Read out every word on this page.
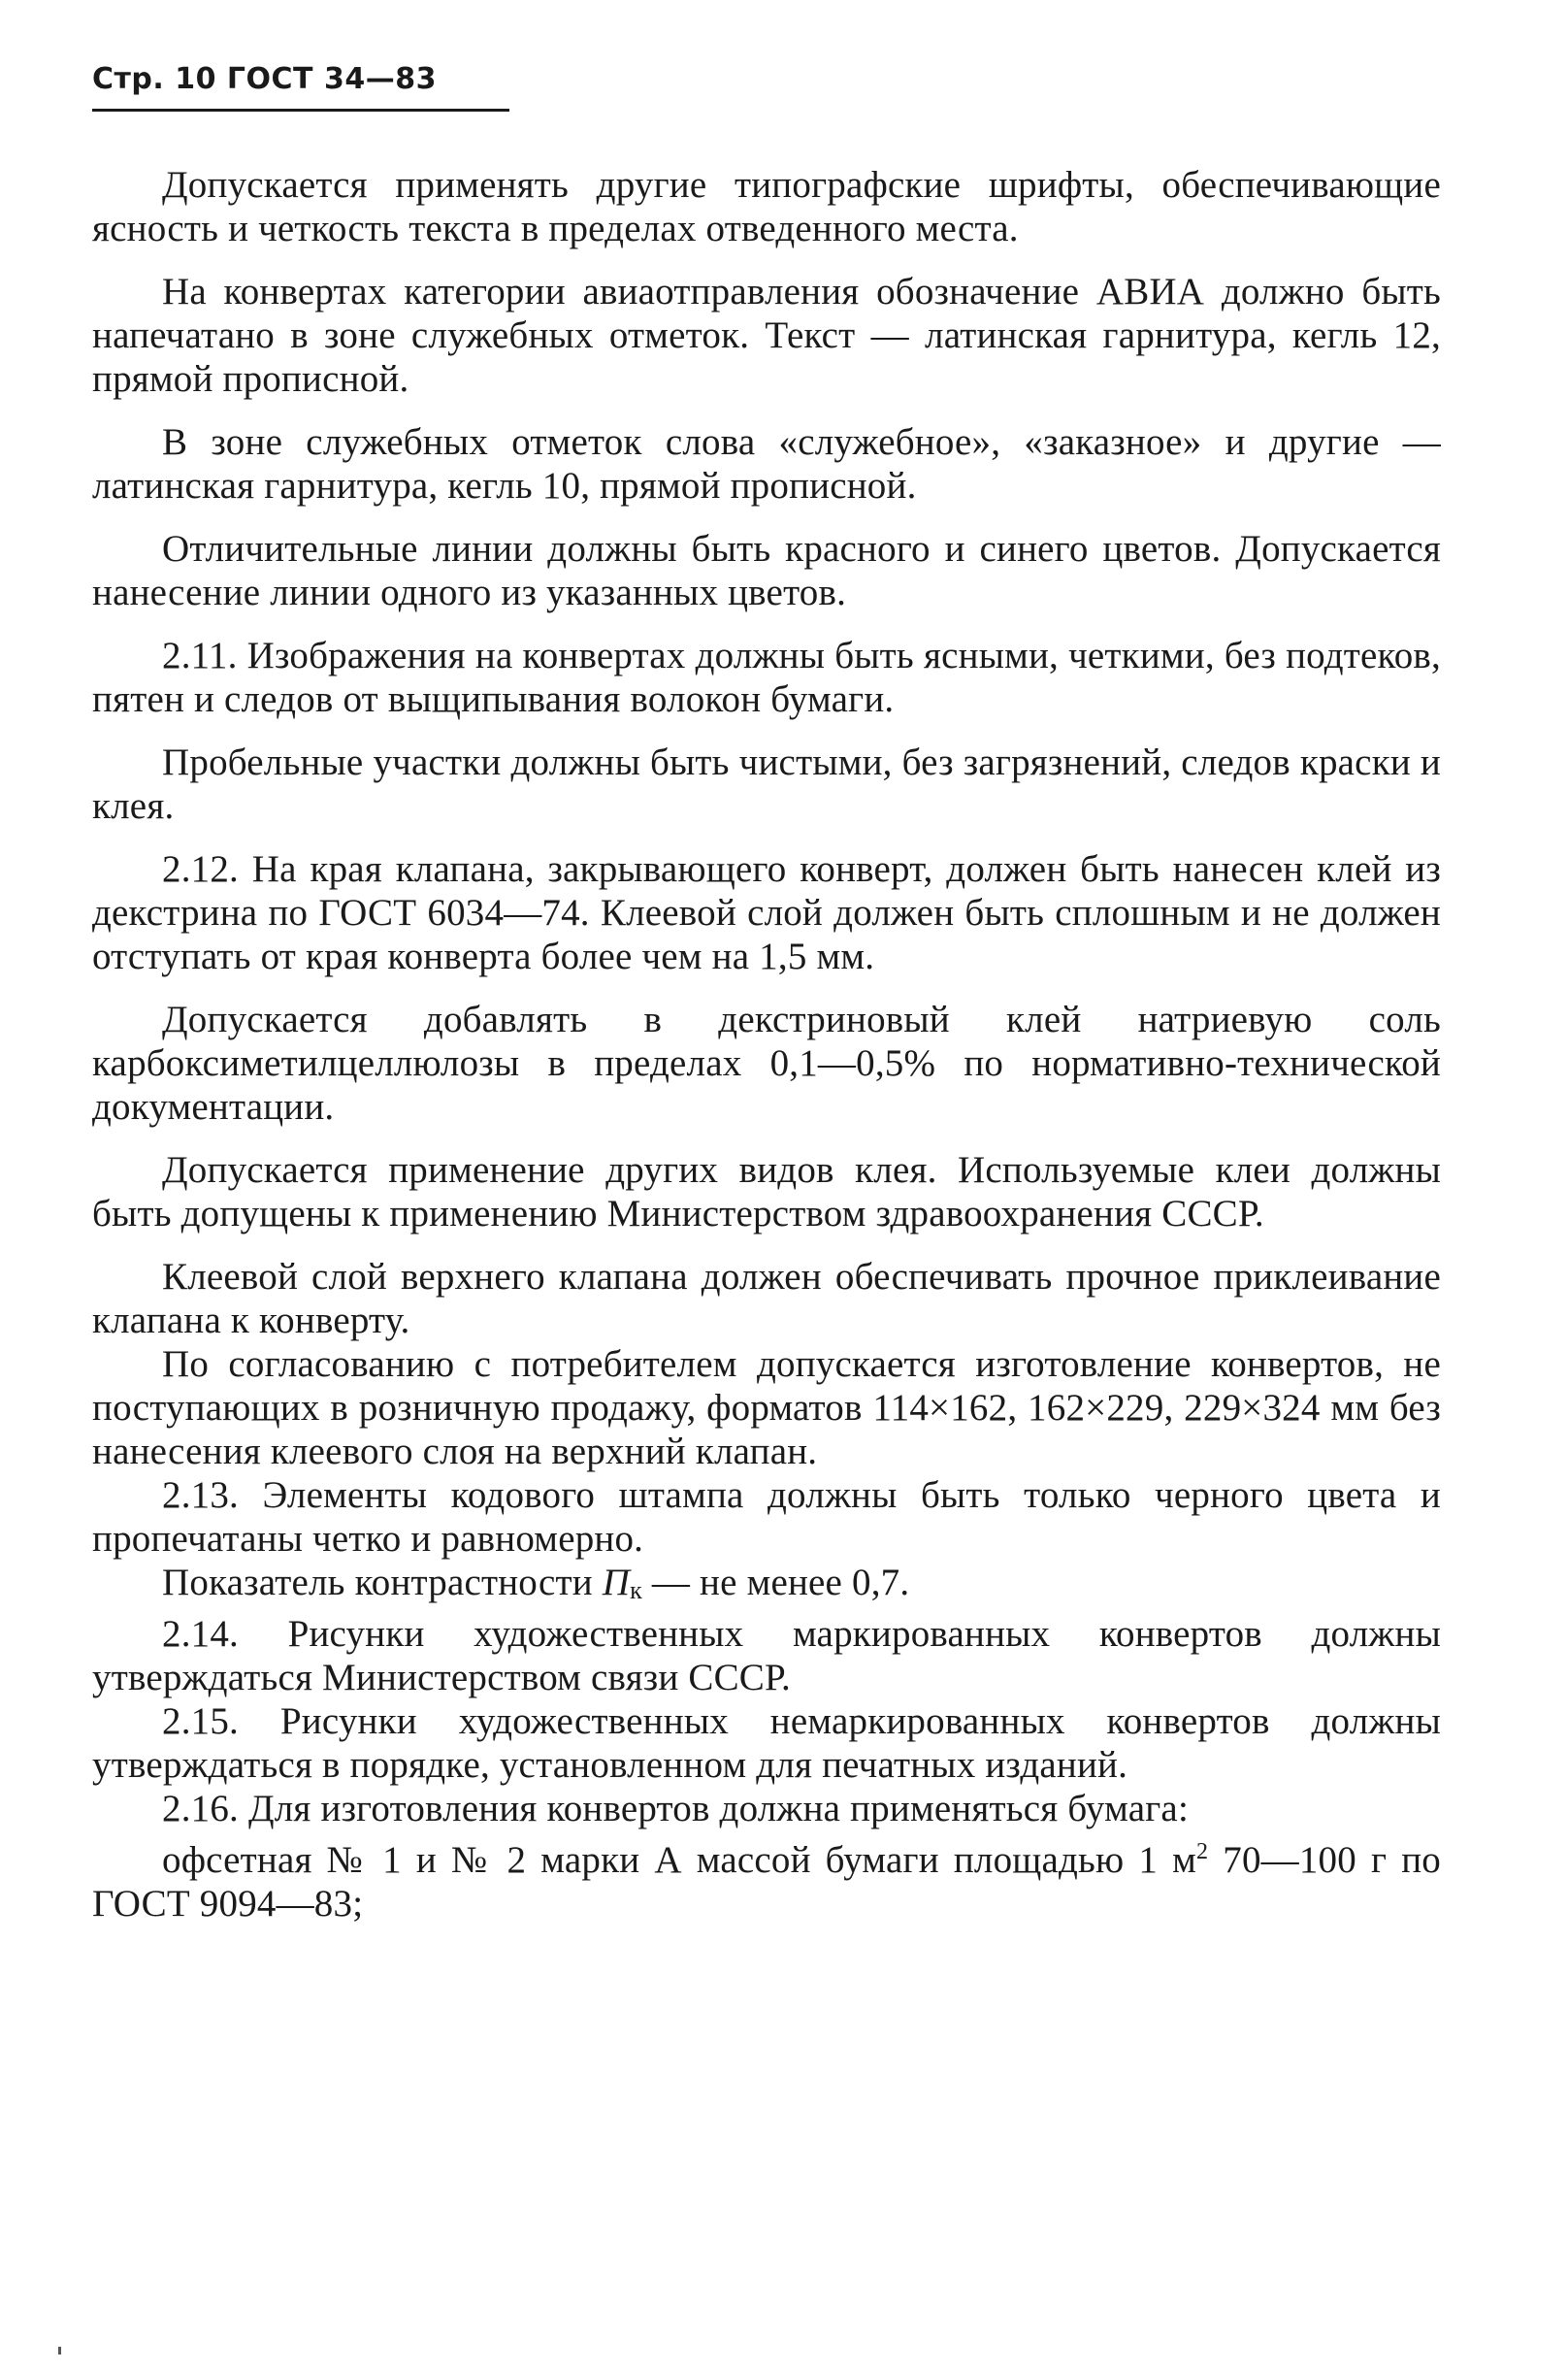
Стр. 10 ГОСТ 34—83

Допускается применять другие типографские шрифты, обеспечивающие ясность и четкость текста в пределах отведенного места.

На конвертах категории авиаотправления обозначение АВИА должно быть напечатано в зоне служебных отметок. Текст — латинская гарнитура, кегль 12, прямой прописной.

В зоне служебных отметок слова «служебное», «заказное» и другие — латинская гарнитура, кегль 10, прямой прописной.

Отличительные линии должны быть красного и синего цветов. Допускается нанесение линии одного из указанных цветов.

2.11. Изображения на конвертах должны быть ясными, четкими, без подтеков, пятен и следов от выщипывания волокон бумаги.

Пробельные участки должны быть чистыми, без загрязнений, следов краски и клея.

2.12. На края клапана, закрывающего конверт, должен быть нанесен клей из декстрина по ГОСТ 6034—74. Клеевой слой должен быть сплошным и не должен отступать от края конверта более чем на 1,5 мм.

Допускается добавлять в декстриновый клей натриевую соль карбоксиметилцеллюлозы в пределах 0,1—0,5% по нормативно-технической документации.

Допускается применение других видов клея. Используемые клеи должны быть допущены к применению Министерством здравоохранения СССР.

Клеевой слой верхнего клапана должен обеспечивать прочное приклеивание клапана к конверту.

По согласованию с потребителем допускается изготовление конвертов, не поступающих в розничную продажу, форматов 114×162, 162×229, 229×324 мм без нанесения клеевого слоя на верхний клапан.

2.13. Элементы кодового штампа должны быть только черного цвета и пропечатаны четко и равномерно.

Показатель контрастности Пк — не менее 0,7.

2.14. Рисунки художественных маркированных конвертов должны утверждаться Министерством связи СССР.

2.15. Рисунки художественных немаркированных конвертов должны утверждаться в порядке, установленном для печатных изданий.

2.16. Для изготовления конвертов должна применяться бумага:

офсетная № 1 и № 2 марки А массой бумаги площадью 1 $м^2$ 70—100 г по ГОСТ 9094—83;
